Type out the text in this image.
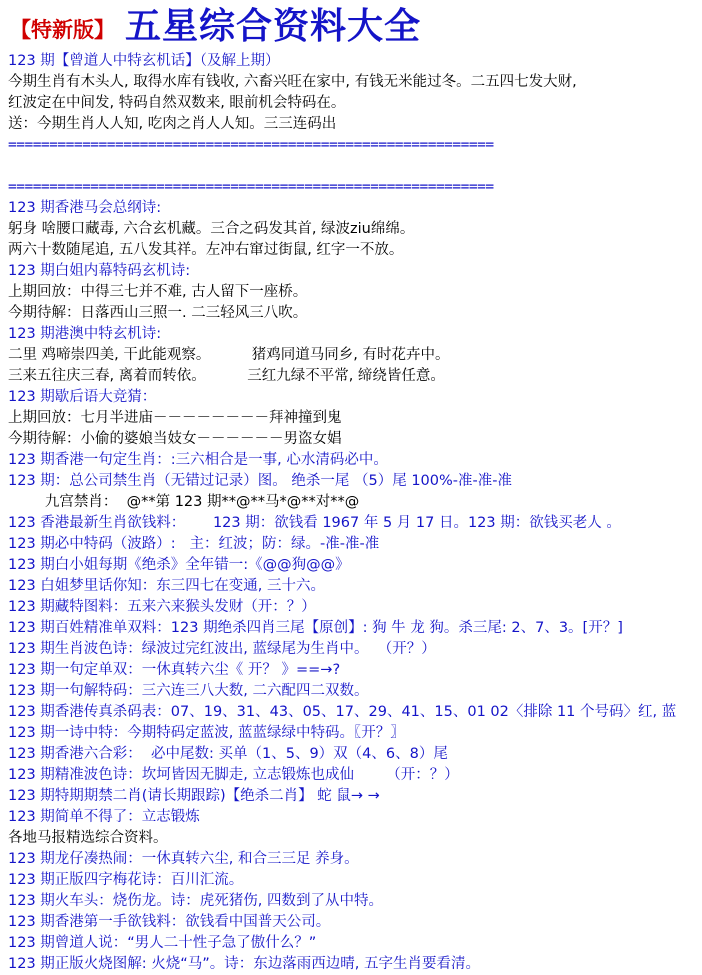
【特新版】 五星综合资料大全
123 期【曾道人中特玄机话】（及解上期）
今期生肖有木头人, 取得水库有钱收, 六畜兴旺在家中, 有钱无米能过冬。二五四七发大财,
红波定在中间发, 特码自然双数来, 眼前机会特码在。
送：今期生肖人人知, 吃肉之肖人人知。三三连码出
===========================================================
===========================================================
123 期香港马会总纲诗:
躬身 啥腰口藏毒, 六合玄机藏。三合之码发其首, 绿波ziu绵绵。
两六十数随尾追, 五八发其祥。左冲右窜过街鼠, 红字一不放。
123 期白姐内幕特码玄机诗:
上期回放：中得三七并不难, 古人留下一座桥。
今期待解：日落西山三照一. 二三轻风三八吹。
123 期港澳中特玄机诗:
二里 鸡啼崇四美, 干此能观察。         猪鸡同道马同乡, 有时花卉中。
三来五往庆三春, 离着而转依。         三红九绿不平常, 缔绕皆任意。
123 期歇后语大竞猜：
上期回放：七月半进庙－－－－－－－－拜神撞到鬼
今期待解：小偷的婆娘当妓女－－－－－－男盗女娼
123 期香港一句定生肖：:三六相合是一事, 心水清码必中。
123 期：总公司禁生肖（无错过记录）图。 绝杀一尾 （5）尾 100%-准-准-准
九宫禁肖：  @**第 123 期**@**马*@**对**@
123 香港最新生肖欲钱料：      123 期：欲钱看 1967 年 5 月 17 日。123 期：欲钱买老人 。
123 期必中特码（波路）:   主：红波；防：绿。-准-准-准
123 期白小姐每期《绝杀》全年错一:《@@狗@@》
123 白姐梦里话你知：东三四七在变通, 三十六。
123 期藏特图料：五来六来猴头发财（开：？）
123 期百姓精准单双料：123 期绝杀四肖三尾【原创】: 狗 牛 龙 狗。杀三尾: 2、7、3。[开？]
123 期生肖波色诗：绿波过完红波出, 蓝绿尾为生肖中。  （开？）
123 期一句定单双：一休真转六尘《 开？ 》==→?
123 期一句解特码：三六连三八大数, 二六配四二双数。
123 期香港传真杀码表：07、19、31、43、05、17、29、41、15、01 02〈排除 11 个号码〉红, 蓝
123 期一诗中特：今期特码定蓝波, 蓝蓝绿绿中特码。〖开？〗
123 期香港六合彩：  必中尾数: 买单（1、5、9）双（4、6、8）尾
123 期精准波色诗：坎坷皆因无脚走, 立志锻炼也成仙       （开：？）
123 期特期期禁二肖(请长期跟踪)【绝杀二肖】 蛇 鼠→ →
123 期简单不得了：立志锻炼
各地马报精选综合资料。
123 期龙仔凑热闹：一休真转六尘, 和合三三足 养身。
123 期正版四字梅花诗：百川汇流。
123 期火车头：烧伤龙。诗：虎死猪伤, 四数到了从中特。
123 期香港第一手欲钱料：欲钱看中国普天公司。
123 期曾道人说：“男人二十性子急了傲什么？”
123 期正版火烧图解: 火烧“马”。诗：东边落雨西边晴, 五字生肖要看清。
